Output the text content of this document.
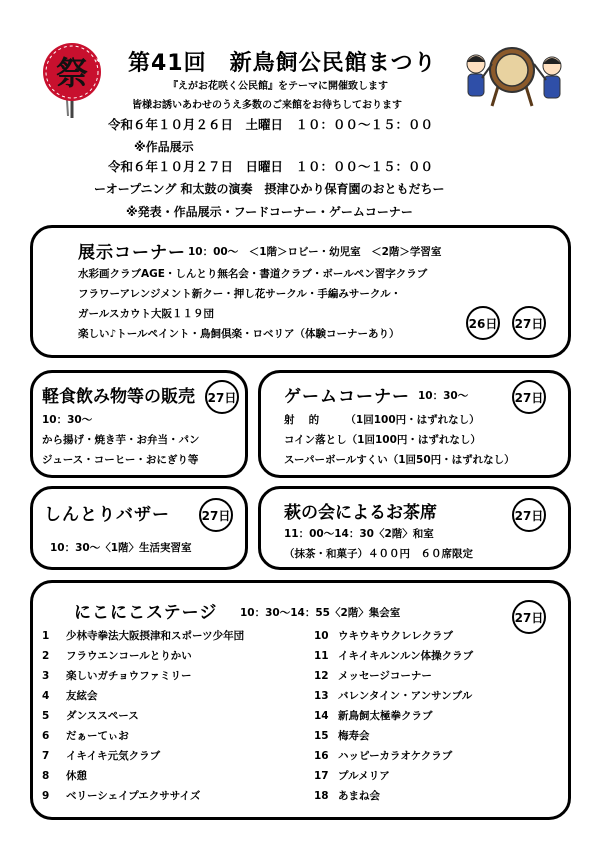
祭 ✱ 第41回　新鳥飼公民館まつり
『えがお花咲く公民館』をテーマに開催致します
皆様お誘いあわせのうえ多数のご来館をお待ちしております
令和６年１０月２６日　土曜日　１０：００〜１５：００
※作品展示
令和６年１０月２７日　日曜日　１０：００〜１５：００
ーオープニング 和太鼓の演奏　摂津ひかり保育園のおともだちー
※発表・作品展示・フードコーナー・ゲームコーナー
展示コーナー 10：00〜　＜1階＞ロビー・幼児室　＜2階＞学習室
水彩画クラブAGE・しんとり無名会・書道クラブ・ボールペン習字クラブ
フラワーアレンジメント新クー・押し花サークル・手編みサークル・
ガールスカウト大阪１１９団
楽しい♪トールペイント・鳥飼倶楽・ロベリア（体験コーナーあり）
26日 27日
軽食飲み物等の販売 27日
10：30〜
から揚げ・焼き芋・お弁当・パン
ジュース・コーヒー・おにぎり等
ゲームコーナー 10：30〜	27日
射　 的　　　（1回100円・はずれなし）
コイン落とし（1回100円・はずれなし）
スーパーボールすくい（1回50円・はずれなし）
しんとりバザー	27日
10：30〜〈1階〉生活実習室
萩の会によるお茶席	27日
11：00〜14：30〈2階〉和室
（抹茶・和菓子）４００円　６０席限定
にこにこステージ 10：30〜14：55〈2階〉集会室	27日
1 少林寺拳法大阪摂津和スポーツ少年団
2 フラウエンコールとりかい
3 楽しいガチョウファミリー
4 友絃会
5 ダンススペース
6 だぁーてぃお
7 イキイキ元気クラブ
8 休憩
9 ベリーシェイプエクササイズ
10 ウキウキウクレレクラブ
11 イキイキルンルン体操クラブ
12 メッセージコーナー
13 バレンタイン・アンサンブル
14 新鳥飼太極拳クラブ
15 梅寿会
16 ハッピーカラオケクラブ
17 プルメリア
18 あまね会
